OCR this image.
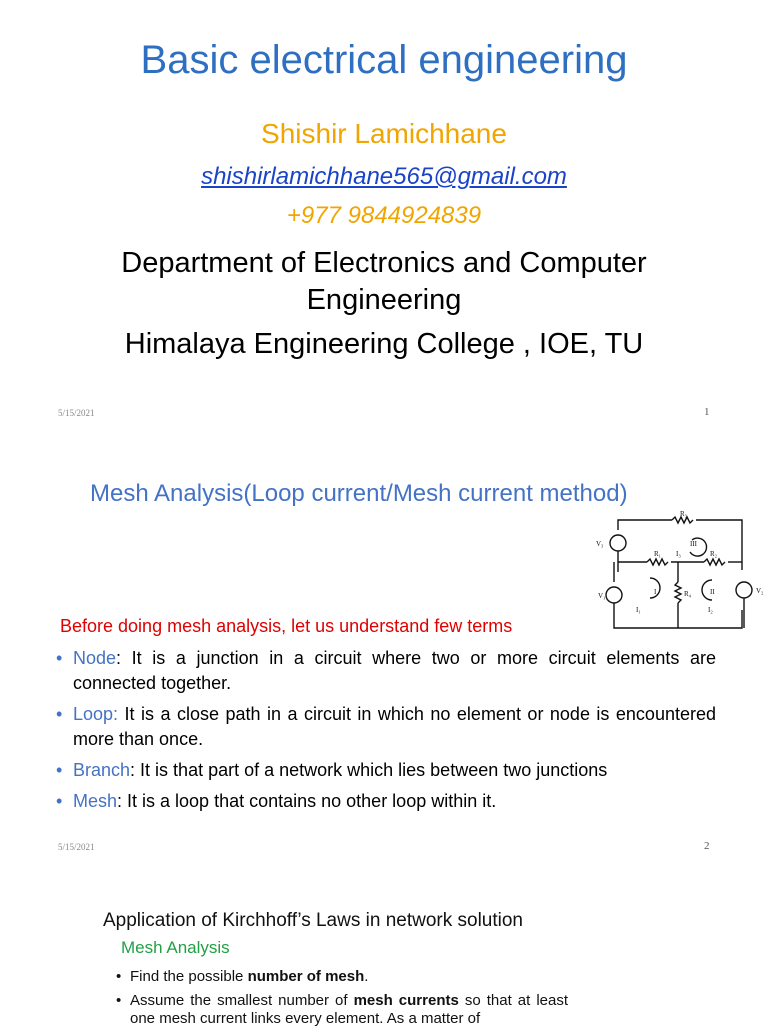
Basic electrical engineering
Shishir Lamichhane
shishirlamichhane565@gmail.com
+977 9844924839
Department of Electronics and Computer
Engineering
Himalaya Engineering College , IOE, TU
5/15/2021	1
Mesh Analysis(Loop current/Mesh current method)
V₃
V₁
V₂
R₃
R₁	R₂
R₄
I	II
III
I₁	I₂
I₃
Before doing mesh analysis, let us understand few terms
• Node: It is a junction in a circuit where two or more circuit elements are connected together.
• Loop: It is a close path in a circuit in which no element or node is encountered more than once.
• Branch: It is that part of a network which lies between two junctions
• Mesh: It is a loop that contains no other loop within it.
5/15/2021	2
Application of Kirchhoff’s Laws in network solution
Mesh Analysis
• Find the possible number of mesh.
• Assume the smallest number of mesh currents so that at least one mesh current links every element. As a matter of
